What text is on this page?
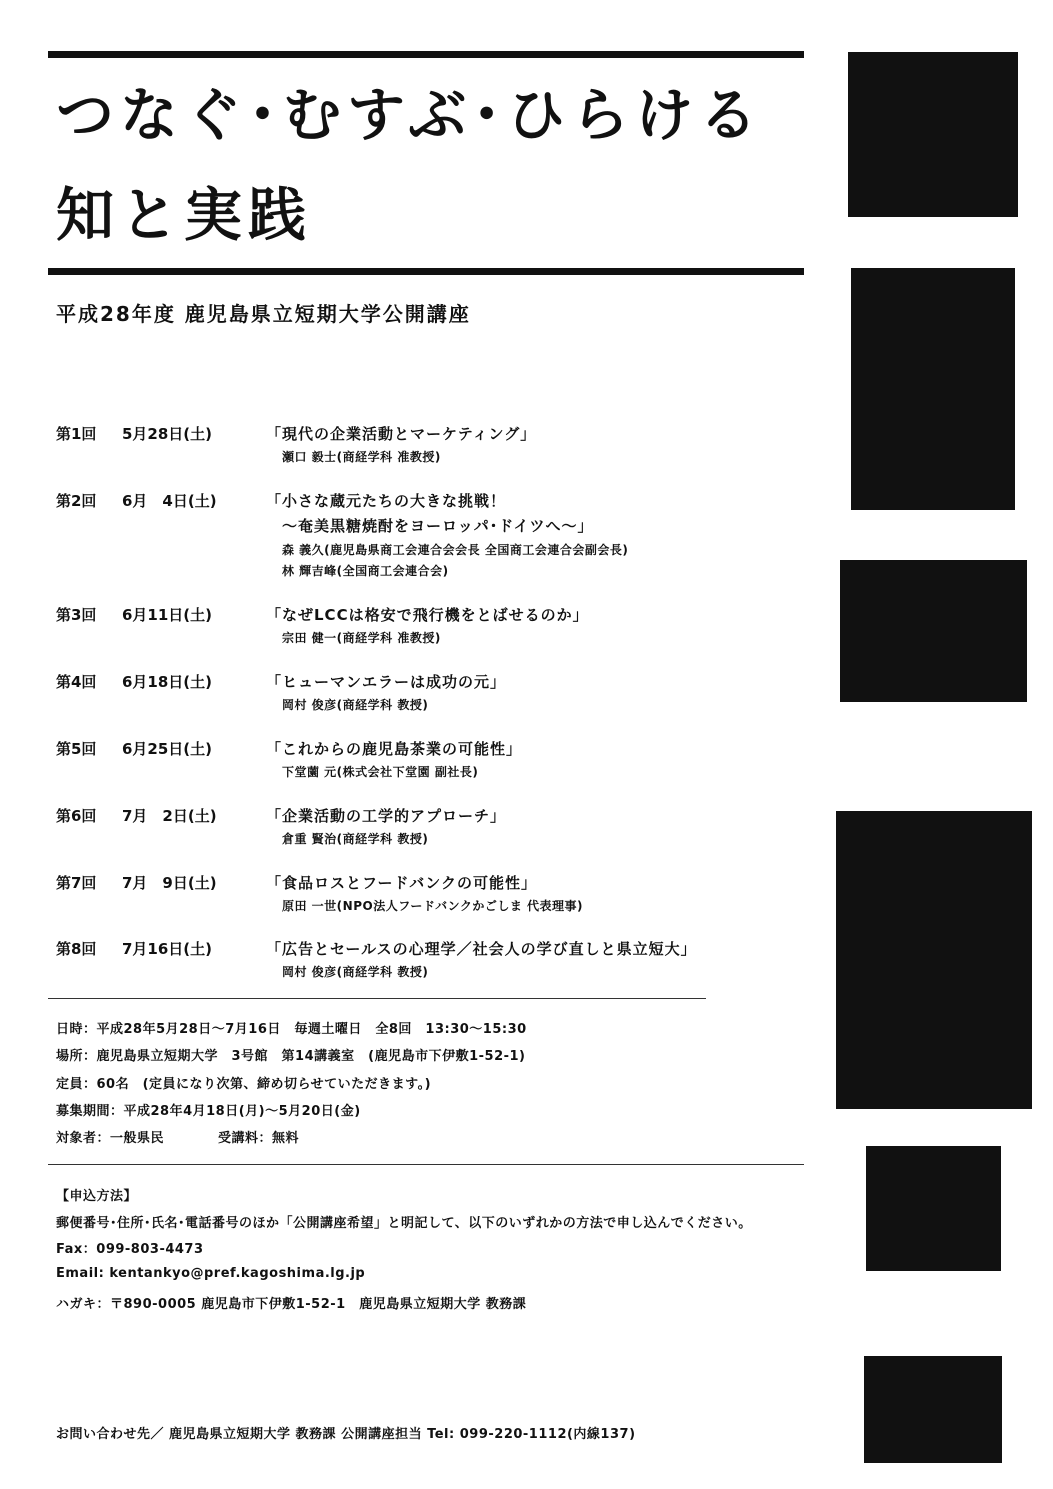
つなぐ･むすぶ･ひらける
知と実践
平成28年度 鹿児島県立短期大学公開講座
第1回 5月28日(土)	「現代の企業活動とマーケティング」
瀬口 毅士(商経学科 准教授)
第2回 6月　4日(土)	「小さな蔵元たちの大きな挑戦！
〜奄美黒糖焼酎をヨーロッパ･ドイツへ〜」
森 義久(鹿児島県商工会連合会会長 全国商工会連合会副会長)
林 輝吉峰(全国商工会連合会)
第3回 6月11日(土)	「なぜLCCは格安で飛行機をとばせるのか」
宗田 健一(商経学科 准教授)
第4回 6月18日(土)	「ヒューマンエラーは成功の元」
岡村 俊彦(商経学科 教授)
第5回 6月25日(土)	「これからの鹿児島茶業の可能性」
下堂薗 元(株式会社下堂園 副社長)
第6回 7月　2日(土)	「企業活動の工学的アプローチ」
倉重 賢治(商経学科 教授)
第7回 7月　9日(土)	「食品ロスとフードバンクの可能性」
原田 一世(NPO法人フードバンクかごしま 代表理事)
第8回 7月16日(土)	「広告とセールスの心理学／社会人の学び直しと県立短大」
岡村 俊彦(商経学科 教授)
日時：平成28年5月28日〜7月16日　毎週土曜日　全8回　13:30〜15:30
場所：鹿児島県立短期大学　3号館　第14講義室　(鹿児島市下伊敷1-52-1)
定員：60名　(定員になり次第、締め切らせていただきます。)
募集期間：平成28年4月18日(月)〜5月20日(金)
対象者：一般県民　　　　受講料：無料
【申込方法】
郵便番号･住所･氏名･電話番号のほか「公開講座希望」と明記して、以下のいずれかの方法で申し込んでください。
Fax：099-803-4473
Email: kentankyo@pref.kagoshima.lg.jp
ハガキ：〒890-0005 鹿児島市下伊敷1-52-1　鹿児島県立短期大学 教務課
お問い合わせ先／ 鹿児島県立短期大学 教務課 公開講座担当 Tel: 099-220-1112(内線137)
